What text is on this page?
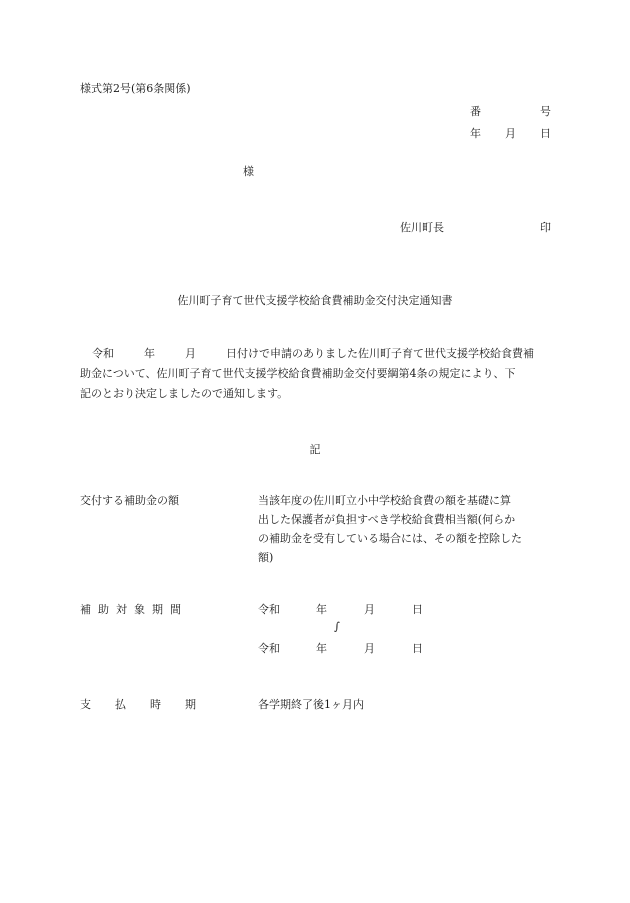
様式第2号(第6条関係)
番	号
年 月 日
様
佐川町長	印
佐川町子育て世代支援学校給食費補助金交付決定通知書
令和	年	月	日付けで申請のありました佐川町子育て世代支援学校給食費補
助金について、佐川町子育て世代支援学校給食費補助金交付要綱第4条の規定により、下
記のとおり決定しましたので通知します。
記
交付する補助金の額	当該年度の佐川町立小中学校給食費の額を基礎に算
出した保護者が負担すべき学校給食費相当額(何らか
の補助金を受有している場合には、その額を控除した
額)
補助対象期間	令和	年	月	日
∫
令和	年	月	日
支 払 時 期	各学期終了後1ヶ月内
